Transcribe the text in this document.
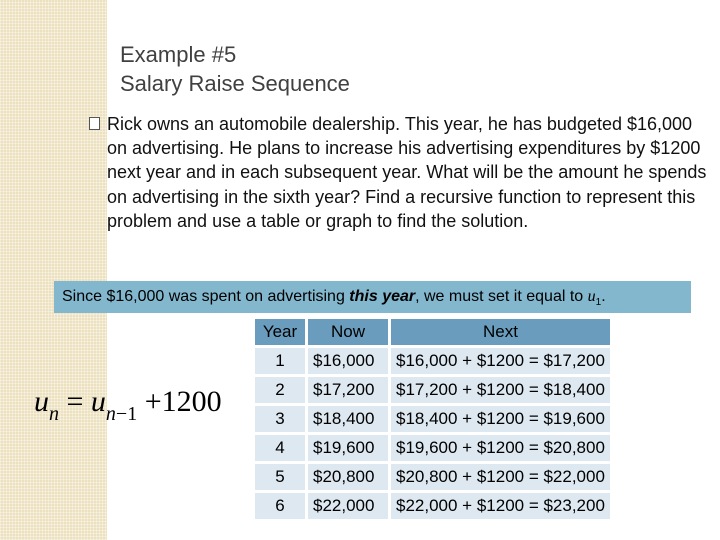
Example #5
Salary Raise Sequence
Rick owns an automobile dealership. This year, he has budgeted $16,000 on advertising. He plans to increase his advertising expenditures by $1200 next year and in each subsequent year. What will be the amount he spends on advertising in the sixth year? Find a recursive function to represent this problem and use a table or graph to find the solution.
Since $16,000 was spent on advertising this year, we must set it equal to $u_1$.
$u_n = u_{n-1} +1200$
Year	Now	Next
1	$16,000	$16,000 + $1200 = $17,200
2	$17,200	$17,200 + $1200 = $18,400
3	$18,400	$18,400 + $1200 = $19,600
4	$19,600	$19,600 + $1200 = $20,800
5	$20,800	$20,800 + $1200 = $22,000
6	$22,000	$22,000 + $1200 = $23,200
